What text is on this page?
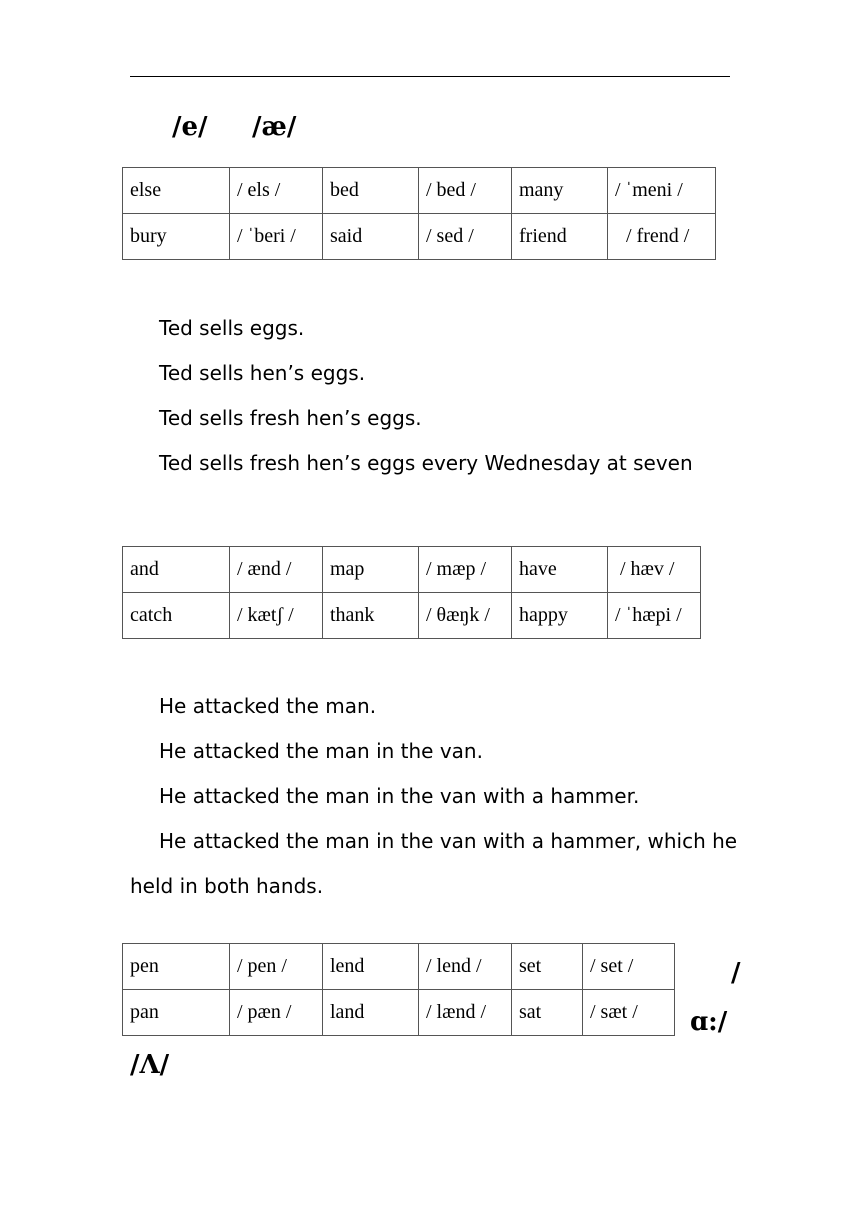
/e/ /æ/
else	/ els /	bed	/ bed /	many	/ ˈmeni /
bury	/ ˈberi /	said	/ sed /	friend	/ frend /
Ted sells eggs.
Ted sells hen’s eggs.
Ted sells fresh hen’s eggs.
Ted sells fresh hen’s eggs every Wednesday at seven
and	/ ænd /	map	/ mæp /	have	/ hæv /
catch	/ kætʃ /	thank	/ θæŋk /	happy	/ ˈhæpi /
He attacked the man.
He attacked the man in the van.
He attacked the man in the van with a hammer.
He attacked the man in the van with a hammer, which he
held in both hands.
pen	/ pen /	lend	/ lend /	set	/ set /
pan	/ pæn /	land	/ lænd /	sat	/ sæt /
/
ɑ:/
/Λ/
